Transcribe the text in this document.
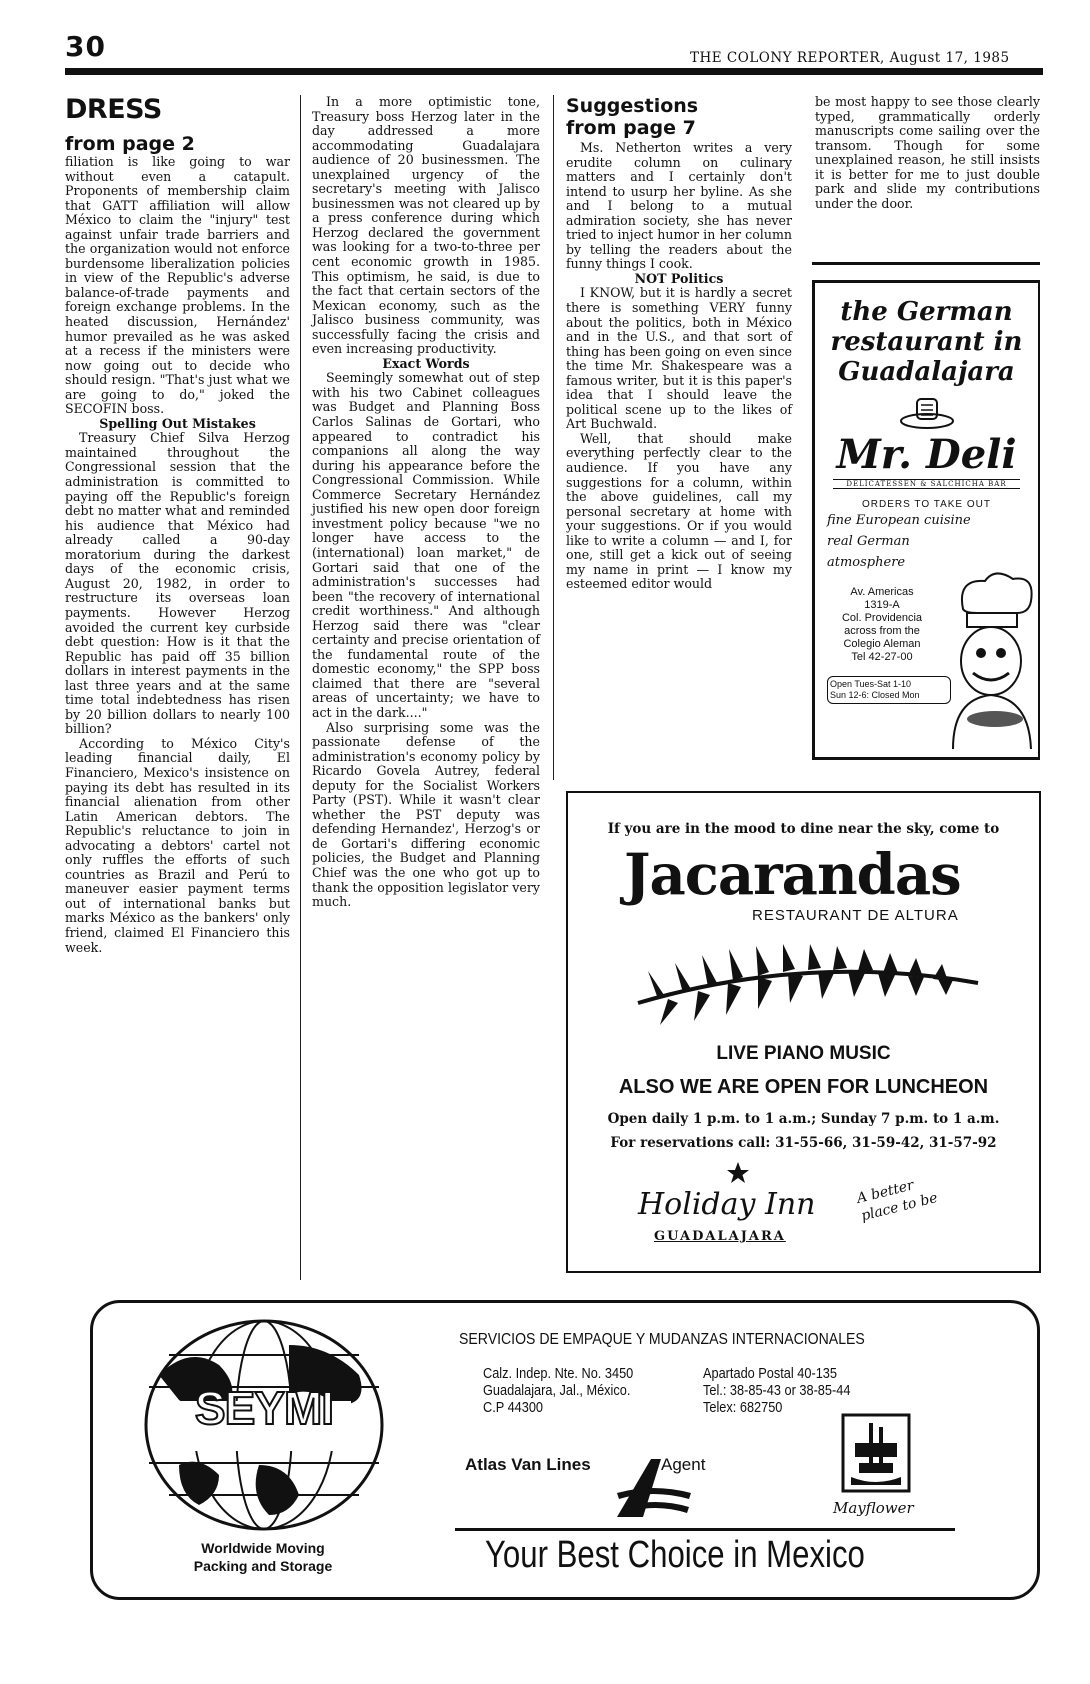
30	THE COLONY REPORTER, August 17, 1985
DRESS
from page 2

filiation is like going to war without even a catapult. Proponents of membership claim that GATT affiliation will allow México to claim the "injury" test against unfair trade barriers and the organization would not enforce burdensome liberalization policies in view of the Republic's adverse balance-of-trade payments and foreign exchange problems. In the heated discussion, Hernández' humor prevailed as he was asked at a recess if the ministers were now going out to decide who should resign. "That's just what we are going to do," joked the SECOFIN boss.

Spelling Out Mistakes

Treasury Chief Silva Herzog maintained throughout the Congressional session that the administration is committed to paying off the Republic's foreign debt no matter what and reminded his audience that México had already called a 90-day moratorium during the darkest days of the economic crisis, August 20, 1982, in order to restructure its overseas loan payments. However Herzog avoided the current key curbside debt question: How is it that the Republic has paid off 35 billion dollars in interest payments in the last three years and at the same time total indebtedness has risen by 20 billion dollars to nearly 100 billion?

According to México City's leading financial daily, El Financiero, Mexico's insistence on paying its debt has resulted in its financial alienation from other Latin American debtors. The Republic's reluctance to join in advocating a debtors' cartel not only ruffles the efforts of such countries as Brazil and Perú to maneuver easier payment terms out of international banks but marks México as the bankers' only friend, claimed El Financiero this week.

In a more optimistic tone, Treasury boss Herzog later in the day addressed a more accommodating Guadalajara audience of 20 businessmen. The unexplained urgency of the secretary's meeting with Jalisco businessmen was not cleared up by a press conference during which Herzog declared the government was looking for a two-to-three per cent economic growth in 1985. This optimism, he said, is due to the fact that certain sectors of the Mexican economy, such as the Jalisco business community, was successfully facing the crisis and even increasing productivity.

Exact Words

Seemingly somewhat out of step with his two Cabinet colleagues was Budget and Planning Boss Carlos Salinas de Gortari, who appeared to contradict his companions all along the way during his appearance before the Congressional Commission. While Commerce Secretary Hernández justified his new open door foreign investment policy because "we no longer have access to the (international) loan market," de Gortari said that one of the administration's successes had been "the recovery of international credit worthiness." And although Herzog said there was "clear certainty and precise orientation of the fundamental route of the domestic economy," the SPP boss claimed that there are "several areas of uncertainty; we have to act in the dark...."

Also surprising some was the passionate defense of the administration's economy policy by Ricardo Govela Autrey, federal deputy for the Socialist Workers Party (PST). While it wasn't clear whether the PST deputy was defending Hernandez', Herzog's or de Gortari's differing economic policies, the Budget and Planning Chief was the one who got up to thank the opposition legislator very much.

Suggestions
from page 7

Ms. Netherton writes a very erudite column on culinary matters and I certainly don't intend to usurp her byline. As she and I belong to a mutual admiration society, she has never tried to inject humor in her column by telling the readers about the funny things I cook.

NOT Politics

I KNOW, but it is hardly a secret there is something VERY funny about the politics, both in México and in the U.S., and that sort of thing has been going on even since the time Mr. Shakespeare was a famous writer, but it is this paper's idea that I should leave the political scene up to the likes of Art Buchwald.

Well, that should make everything perfectly clear to the audience. If you have any suggestions for a column, within the above guidelines, call my personal secretary at home with your suggestions. Or if you would like to write a column — and I, for one, still get a kick out of seeing my name in print — I know my esteemed editor would

be most happy to see those clearly typed, grammatically orderly manuscripts come sailing over the transom. Though for some unexplained reason, he still insists it is better for me to just double park and slide my contributions under the door.

the German restaurant in Guadalajara
Mr. Deli
DELICATESSEN & SALCHICHA BAR
ORDERS TO TAKE OUT
fine European cuisine
real German
atmosphere
Av. Americas
1319-A
Col. Providencia
across from the
Colegio Aleman
Tel 42-27-00
Open Tues-Sat 1-10
Sun 12-6: Closed Mon
If you are in the mood to dine near the sky, come to
Jacarandas
RESTAURANT DE ALTURA
LIVE PIANO MUSIC
ALSO WE ARE OPEN FOR LUNCHEON
Open daily 1 p.m. to 1 a.m.; Sunday 7 p.m. to 1 a.m.
For reservations call: 31-55-66, 31-59-42, 31-57-92
Holiday Inn
GUADALAJARA
A better place to be
SEYMI
Worldwide Moving
Packing and Storage
SERVICIOS DE EMPAQUE Y MUDANZAS INTERNACIONALES
Calz. Indep. Nte. No. 3450
Guadalajara, Jal., México.
C.P 44300
Apartado Postal 40-135
Tel.: 38-85-43 or 38-85-44
Telex: 682750
Atlas Van Lines	Agent
Mayflower
Your Best Choice in Mexico
